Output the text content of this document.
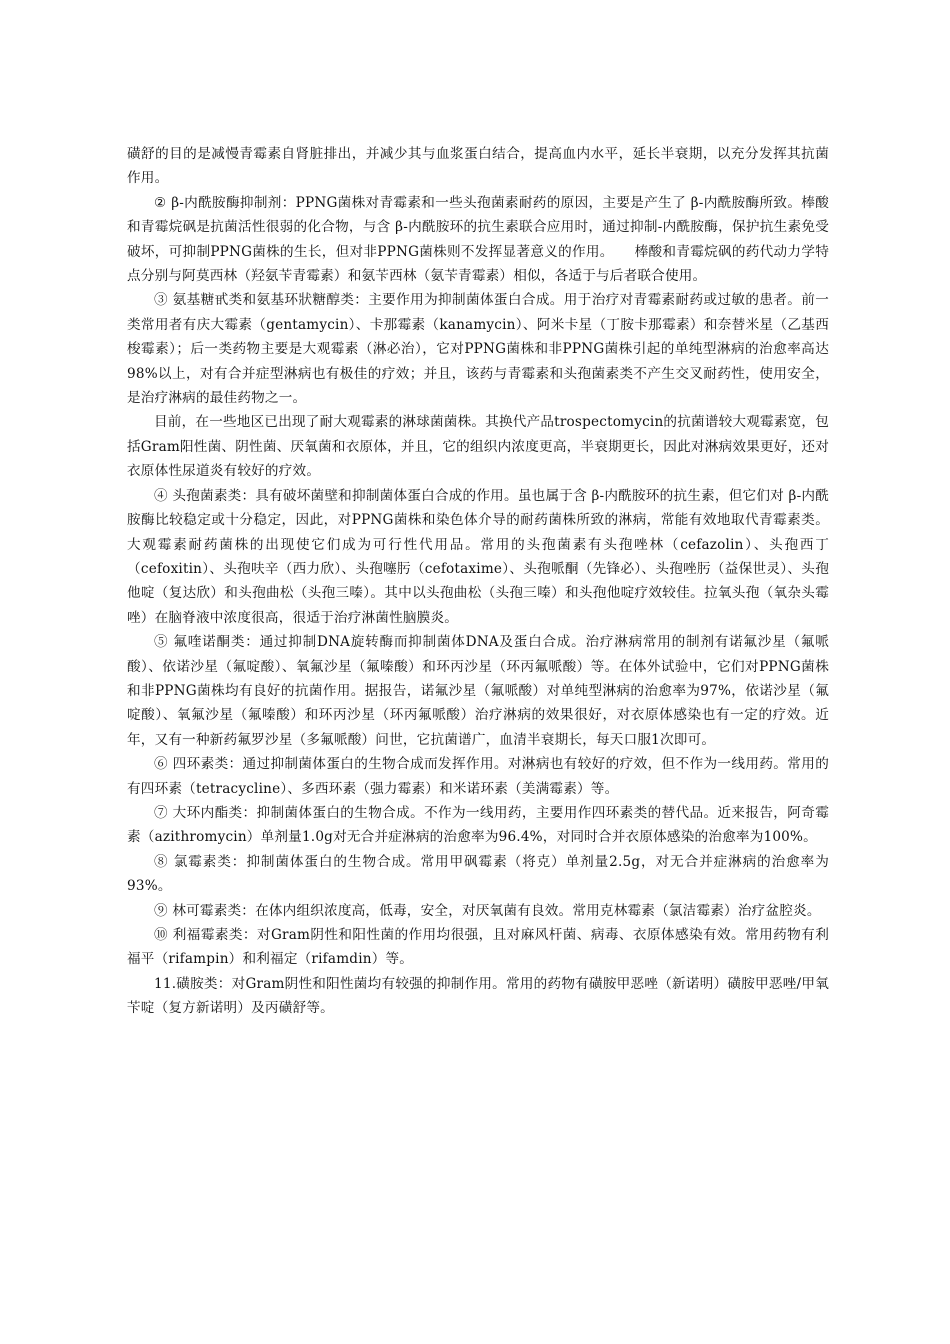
磺舒的目的是减慢青霉素自肾脏排出，并减少其与血浆蛋白结合，提高血内水平，延长半衰期，以充分发挥其抗菌作用。

② β-内酰胺酶抑制剂：PPNG菌株对青霉素和一些头孢菌素耐药的原因，主要是产生了 β-内酰胺酶所致。棒酸和青霉烷砜是抗菌活性很弱的化合物，与含 β-内酰胺环的抗生素联合应用时，通过抑制-内酰胺酶，保护抗生素免受破坏，可抑制PPNG菌株的生长，但对非PPNG菌株则不发挥显著意义的作用。　　棒酸和青霉烷砜的药代动力学特点分别与阿莫西林（羟氨苄青霉素）和氨苄西林（氨苄青霉素）相似，各适于与后者联合使用。

③ 氨基糖甙类和氨基环狀糖醇类：主要作用为抑制菌体蛋白合成。用于治疗对青霉素耐药或过敏的患者。前一类常用者有庆大霉素（gentamycin）、卡那霉素（kanamycin）、阿米卡星（丁胺卡那霉素）和奈替米星（乙基西梭霉素）；后一类药物主要是大观霉素（淋必治），它对PPNG菌株和非PPNG菌株引起的单纯型淋病的治愈率高达98%以上，对有合并症型淋病也有极佳的疗效；并且，该药与青霉素和头孢菌素类不产生交叉耐药性，使用安全，是治疗淋病的最佳药物之一。

目前，在一些地区已出现了耐大观霉素的淋球菌菌株。其换代产品trospectomycin的抗菌谱较大观霉素宽，包括Gram阳性菌、阴性菌、厌氧菌和衣原体，并且，它的组织内浓度更高，半衰期更长，因此对淋病效果更好，还对衣原体性尿道炎有较好的疗效。

④ 头孢菌素类：具有破坏菌壁和抑制菌体蛋白合成的作用。虽也属于含 β-内酰胺环的抗生素，但它们对 β-内酰胺酶比较稳定或十分稳定，因此，对PPNG菌株和染色体介导的耐药菌株所致的淋病，常能有效地取代青霉素类。大观霉素耐药菌株的出现使它们成为可行性代用品。常用的头孢菌素有头孢唑林（cefazolin）、头孢西丁（cefoxitin）、头孢呋辛（西力欣）、头孢噻肟（cefotaxime）、头孢哌酮（先锋必）、头孢唑肟（益保世灵）、头孢他啶（复达欣）和头孢曲松（头孢三嗪）。其中以头孢曲松（头孢三嗪）和头孢他啶疗效较佳。拉氧头孢（氧杂头霉唑）在脑脊液中浓度很高，很适于治疗淋菌性脑膜炎。

⑤ 氟喹诺酮类：通过抑制DNA旋转酶而抑制菌体DNA及蛋白合成。治疗淋病常用的制剂有诺氟沙星（氟哌酸）、依诺沙星（氟啶酸）、氧氟沙星（氟嗪酸）和环丙沙星（环丙氟哌酸）等。在体外试验中，它们对PPNG菌株和非PPNG菌株均有良好的抗菌作用。据报告，诺氟沙星（氟哌酸）对单纯型淋病的治愈率为97%，依诺沙星（氟啶酸）、氧氟沙星（氟嗪酸）和环丙沙星（环丙氟哌酸）治疗淋病的效果很好，对衣原体感染也有一定的疗效。近年，又有一种新药氟罗沙星（多氟哌酸）问世，它抗菌谱广，血清半衰期长，每天口服1次即可。

⑥ 四环素类：通过抑制菌体蛋白的生物合成而发挥作用。对淋病也有较好的疗效，但不作为一线用药。常用的有四环素（tetracycline）、多西环素（强力霉素）和米诺环素（美满霉素）等。

⑦ 大环内酯类：抑制菌体蛋白的生物合成。不作为一线用药，主要用作四环素类的替代品。近来报告，阿奇霉素（azithromycin）单剂量1.0g对无合并症淋病的治愈率为96.4%，对同时合并衣原体感染的治愈率为100%。

⑧ 氯霉素类：抑制菌体蛋白的生物合成。常用甲砜霉素（将克）单剂量2.5g，对无合并症淋病的治愈率为93%。

⑨ 林可霉素类：在体内组织浓度高，低毒，安全，对厌氧菌有良效。常用克林霉素（氯洁霉素）治疗盆腔炎。

⑩ 利福霉素类：对Gram阴性和阳性菌的作用均很强，且对麻风杆菌、病毒、衣原体感染有效。常用药物有利福平（rifampin）和利福定（rifamdin）等。

11.磺胺类：对Gram阴性和阳性菌均有较强的抑制作用。常用的药物有磺胺甲恶唑（新诺明）磺胺甲恶唑/甲氧苄啶（复方新诺明）及丙磺舒等。
